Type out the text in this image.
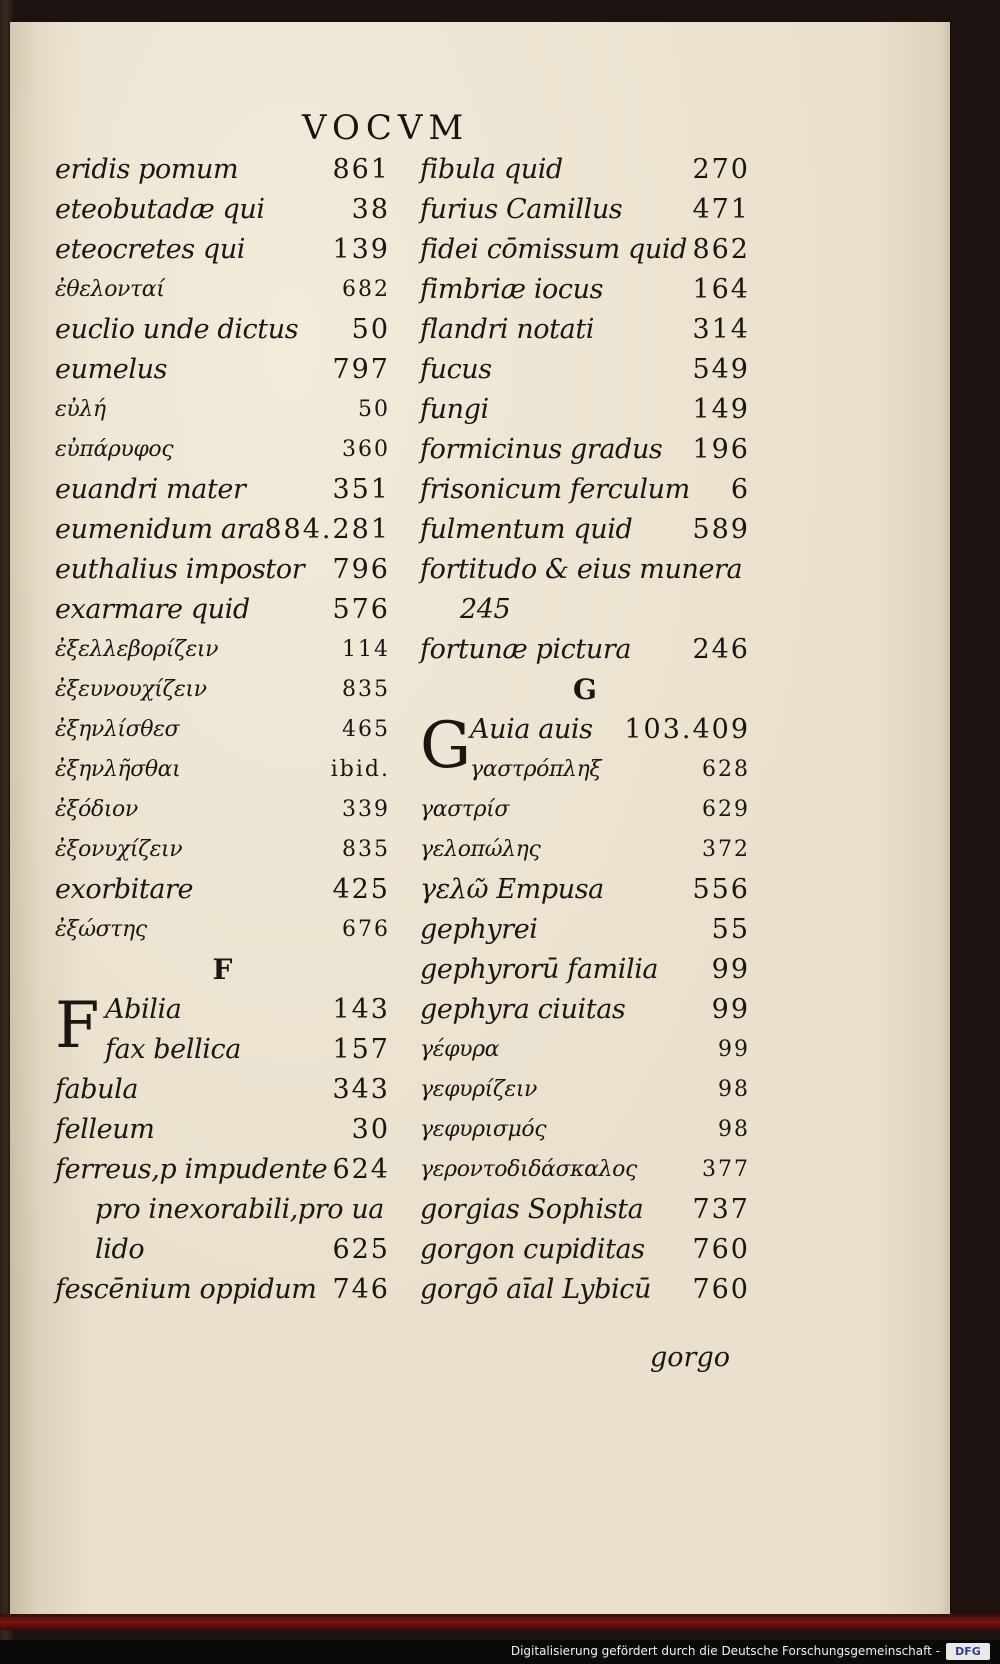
VOCVM
eridis pomum	861
eteobutadæ qui	38
eteocretes qui	139
ἐθελονταί	682
euclio unde dictus 50
eumelus	797
εὐλή	50
εὐπάρυφος	360
euandri mater	351
eumenidum ara 884.281
euthalius impostor 796
exarmare quid	576
ἐξελλεβορίζειν	114
ἐξευνουχίζειν	835
ἐξηνλίσθεσ	465
ἐξηνλῆσθαι	ibid.
ἐξόδιον	339
ἐξονυχίζειν	835
exorbitare	425
ἐξώστης	676
F
F Abilia	143
fax bellica	157
fabula	343
felleum	30
ferreus,p impudente 624
pro inexorabili,pro ua
lido	625
fescēnium oppidum 746
fibula quid	270
furius Camillus	471
fidei cōmissum quid 862
fimbriæ iocus	164
flandri notati	314
fucus	549
fungi	149
formicinus gradus 196
frisonicum ferculum 6
fulmentum quid 589
fortitudo & eius munera
245
fortunæ pictura 246
G
G
Auia auis 103.409
γαστρόπληξ	628
γαστρίσ	629
γελοπώλης	372
γελῶ Empusa	556
gephyrei	55
gephyrorū familia 99
gephyra ciuitas	99
γέφυρα	99
γεφυρίζειν	98
γεφυρισμός	98
γεροντοδιδάσκαλος	377
gorgias Sophista 737
gorgon cupiditas 760
gorgō aīal Lybicū 760
gorgo
Digitalisierung gefördert durch die Deutsche Forschungsgemeinschaft -	DFG
